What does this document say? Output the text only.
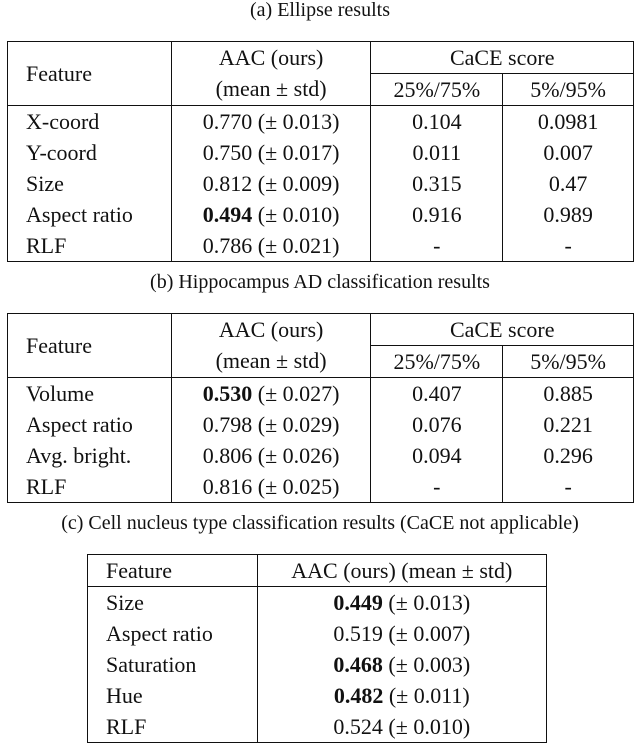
(a) Ellipse results
Feature	AAC (ours)	CaCE score	
	(mean ± std)	25%/75%	5%/95%
X-coord	0.770 (± 0.013)	0.104	0.0981
Y-coord	0.750 (± 0.017)	0.011	0.007
Size	0.812 (± 0.009)	0.315	0.47
Aspect ratio	0.494 (± 0.010)	0.916	0.989
RLF	0.786 (± 0.021)	-	-
(b) Hippocampus AD classification results
Feature	AAC (ours)	CaCE score	
	(mean ± std)	25%/75%	5%/95%
Volume	0.530 (± 0.027)	0.407	0.885
Aspect ratio	0.798 (± 0.029)	0.076	0.221
Avg. bright.	0.806 (± 0.026)	0.094	0.296
RLF	0.816 (± 0.025)	-	-
(c) Cell nucleus type classification results (CaCE not applicable)
Feature	AAC (ours) (mean ± std)
Size	0.449 (± 0.013)
Aspect ratio	0.519 (± 0.007)
Saturation	0.468 (± 0.003)
Hue	0.482 (± 0.011)
RLF	0.524 (± 0.010)
